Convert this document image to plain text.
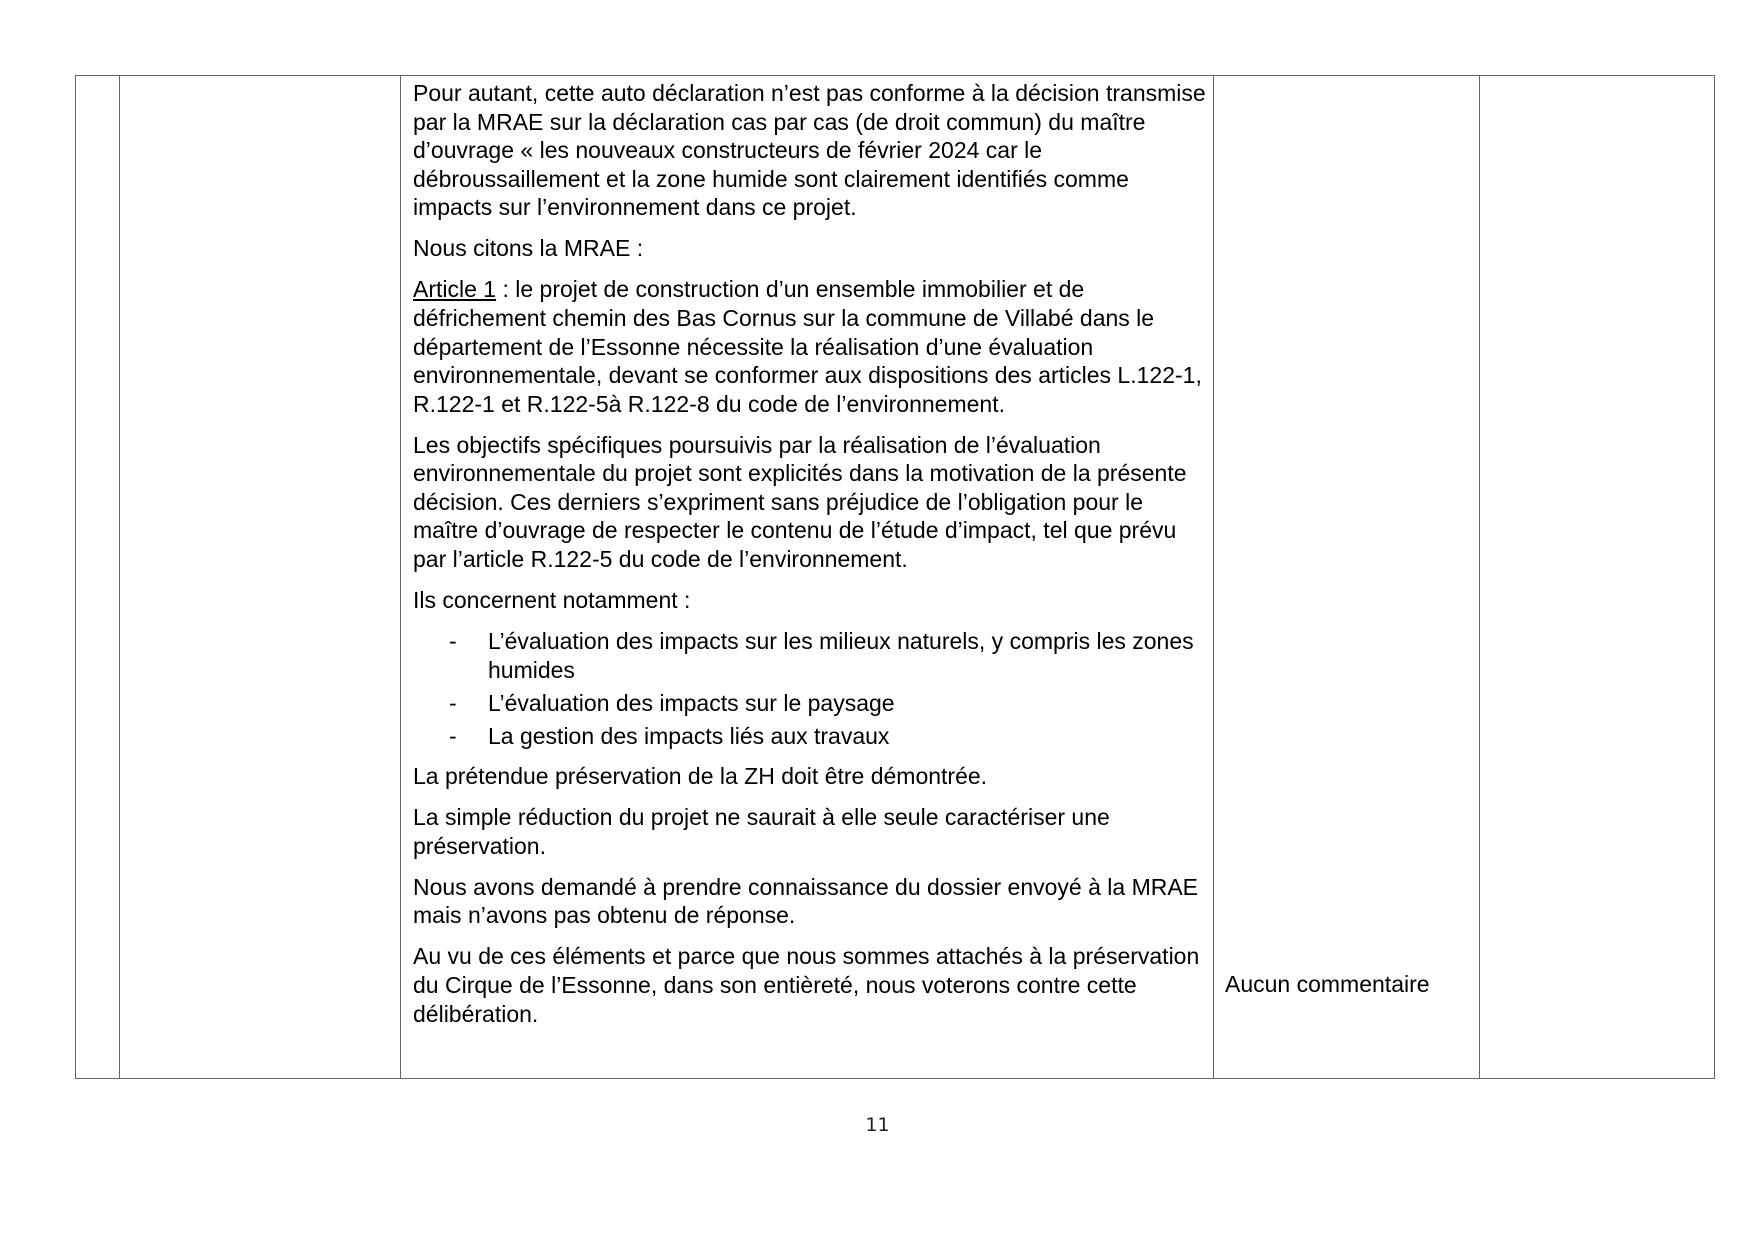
Pour autant, cette auto déclaration n’est pas conforme à la décision transmise par la MRAE sur la déclaration cas par cas (de droit commun) du maître d’ouvrage « les nouveaux constructeurs de février 2024 car le débroussaillement et la zone humide sont clairement identifiés comme impacts sur l’environnement dans ce projet.

Nous citons la MRAE :

Article 1 : le projet de construction d’un ensemble immobilier et de défrichement chemin des Bas Cornus sur la commune de Villabé dans le département de l’Essonne nécessite la réalisation d’une évaluation environnementale, devant se conformer aux dispositions des articles L.122-1, R.122-1 et R.122-5à R.122-8 du code de l’environnement.

Les objectifs spécifiques poursuivis par la réalisation de l’évaluation environnementale du projet sont explicités dans la motivation de la présente décision. Ces derniers s’expriment sans préjudice de l’obligation pour le maître d’ouvrage de respecter le contenu de l’étude d’impact, tel que prévu par l’article R.122-5 du code de l’environnement.

Ils concernent notamment :

- L’évaluation des impacts sur les milieux naturels, y compris les zones humides
- L’évaluation des impacts sur le paysage
- La gestion des impacts liés aux travaux

La prétendue préservation de la ZH doit être démontrée.

La simple réduction du projet ne saurait à elle seule caractériser une préservation.

Nous avons demandé à prendre connaissance du dossier envoyé à la MRAE mais n’avons pas obtenu de réponse.

Au vu de ces éléments et parce que nous sommes attachés à la préservation du Cirque de l’Essonne, dans son entièreté, nous voterons contre cette délibération.

Aucun commentaire
11
